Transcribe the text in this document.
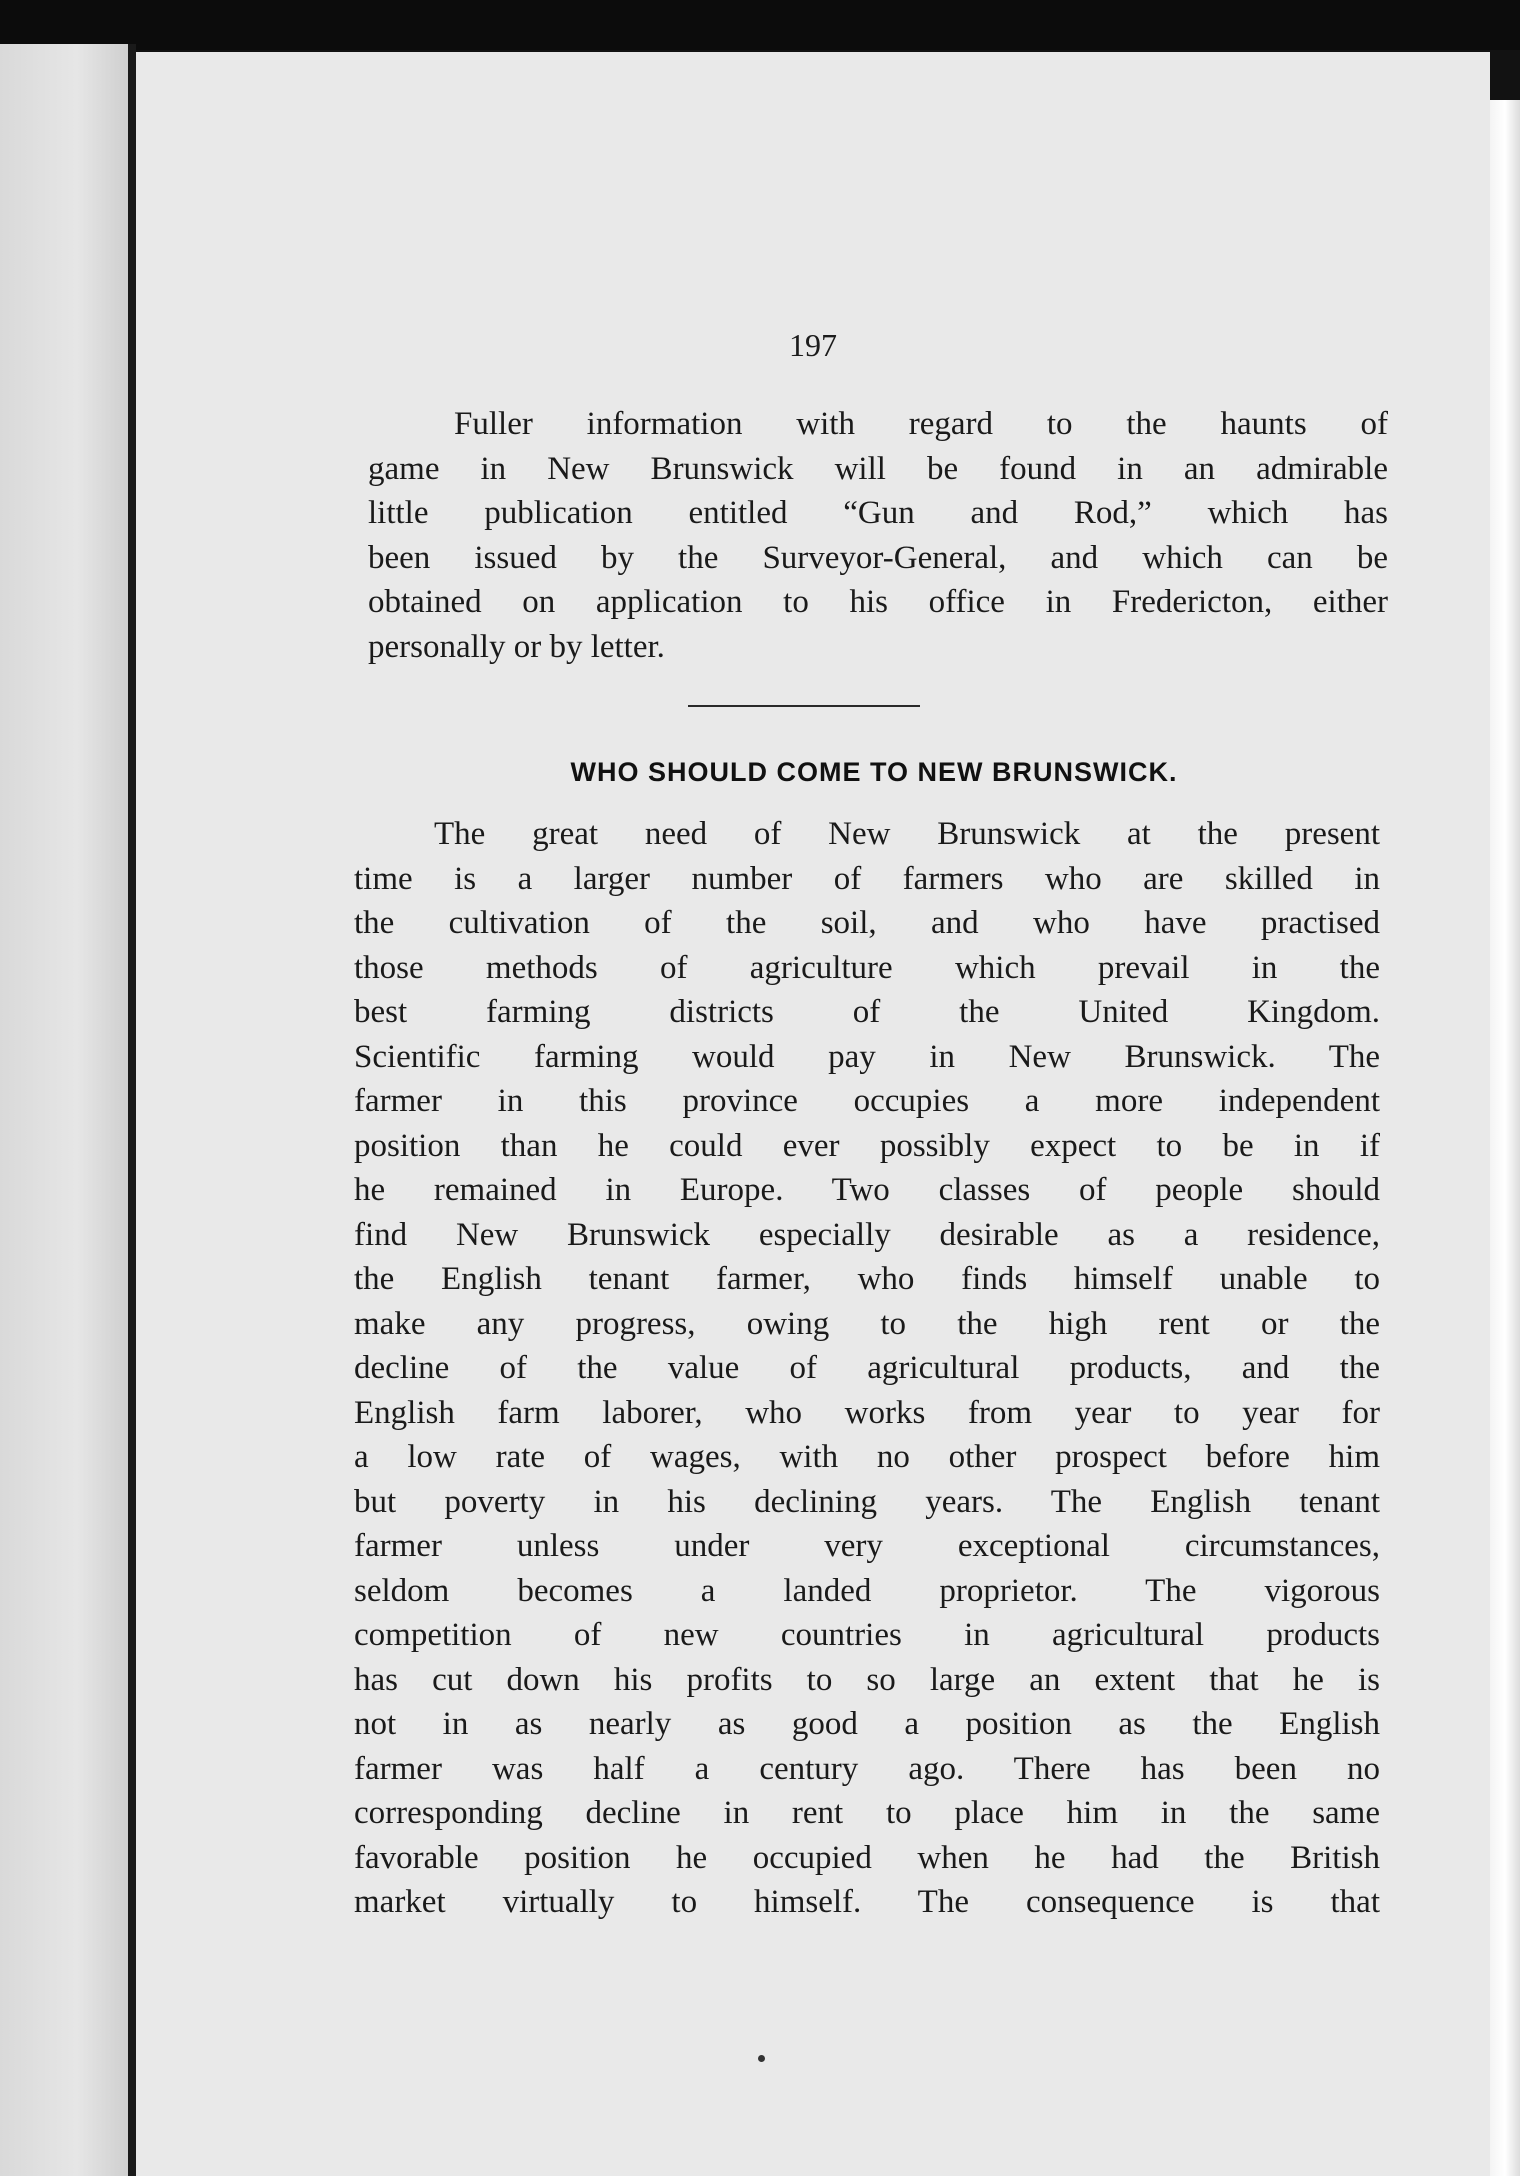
197
Fuller information with regard to the haunts of
game in New Brunswick will be found in an admirable
little publication entitled “Gun and Rod,” which has
been issued by the Surveyor-General, and which can be
obtained on application to his office in Fredericton, either
personally or by letter.
WHO SHOULD COME TO NEW BRUNSWICK.
The great need of New Brunswick at the present
time is a larger number of farmers who are skilled in
the cultivation of the soil, and who have practised
those methods of agriculture which prevail in the
best farming districts of the United Kingdom.
Scientific farming would pay in New Brunswick. The
farmer in this province occupies a more independent
position than he could ever possibly expect to be in if
he remained in Europe. Two classes of people should
find New Brunswick especially desirable as a residence,
the English tenant farmer, who finds himself unable to
make any progress, owing to the high rent or the
decline of the value of agricultural products, and the
English farm laborer, who works from year to year for
a low rate of wages, with no other prospect before him
but poverty in his declining years. The English tenant
farmer unless under very exceptional circumstances,
seldom becomes a landed proprietor. The vigorous
competition of new countries in agricultural products
has cut down his profits to so large an extent that he is
not in as nearly as good a position as the English
farmer was half a century ago. There has been no
corresponding decline in rent to place him in the same
favorable position he occupied when he had the British
market virtually to himself. The consequence is that
